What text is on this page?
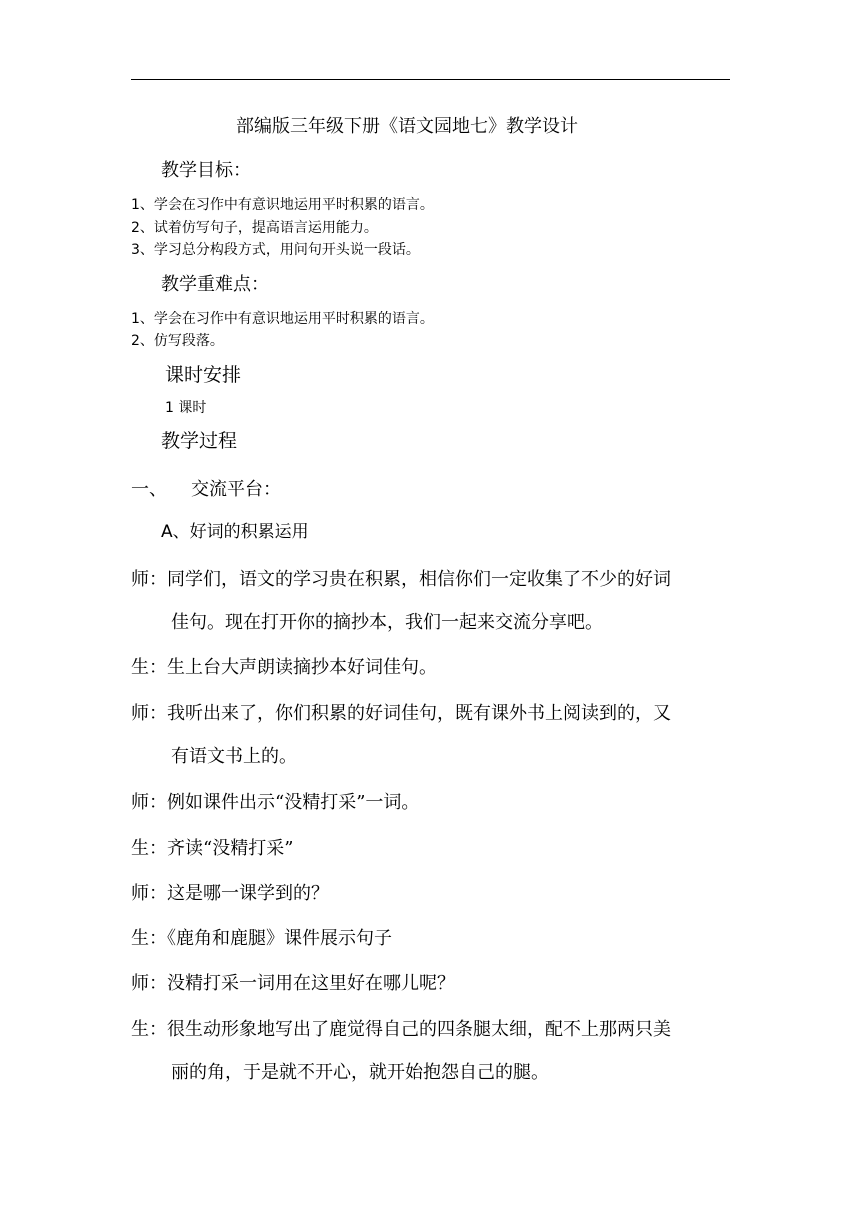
部编版三年级下册《语文园地七》教学设计
教学目标：
1、学会在习作中有意识地运用平时积累的语言。
2、试着仿写句子，提高语言运用能力。
3、学习总分构段方式，用问句开头说一段话。
教学重难点：
1、学会在习作中有意识地运用平时积累的语言。
2、仿写段落。
课时安排
1 课时
教学过程
一、 交流平台：
A、好词的积累运用
师：同学们，语文的学习贵在积累，相信你们一定收集了不少的好词
佳句。现在打开你的摘抄本，我们一起来交流分享吧。
生：生上台大声朗读摘抄本好词佳句。
师：我听出来了，你们积累的好词佳句，既有课外书上阅读到的，又
有语文书上的。
师：例如课件出示“没精打采”一词。
生：齐读“没精打采”
师：这是哪一课学到的？
生：《鹿角和鹿腿》课件展示句子
师：没精打采一词用在这里好在哪儿呢？
生：很生动形象地写出了鹿觉得自己的四条腿太细，配不上那两只美
丽的角，于是就不开心，就开始抱怨自己的腿。
